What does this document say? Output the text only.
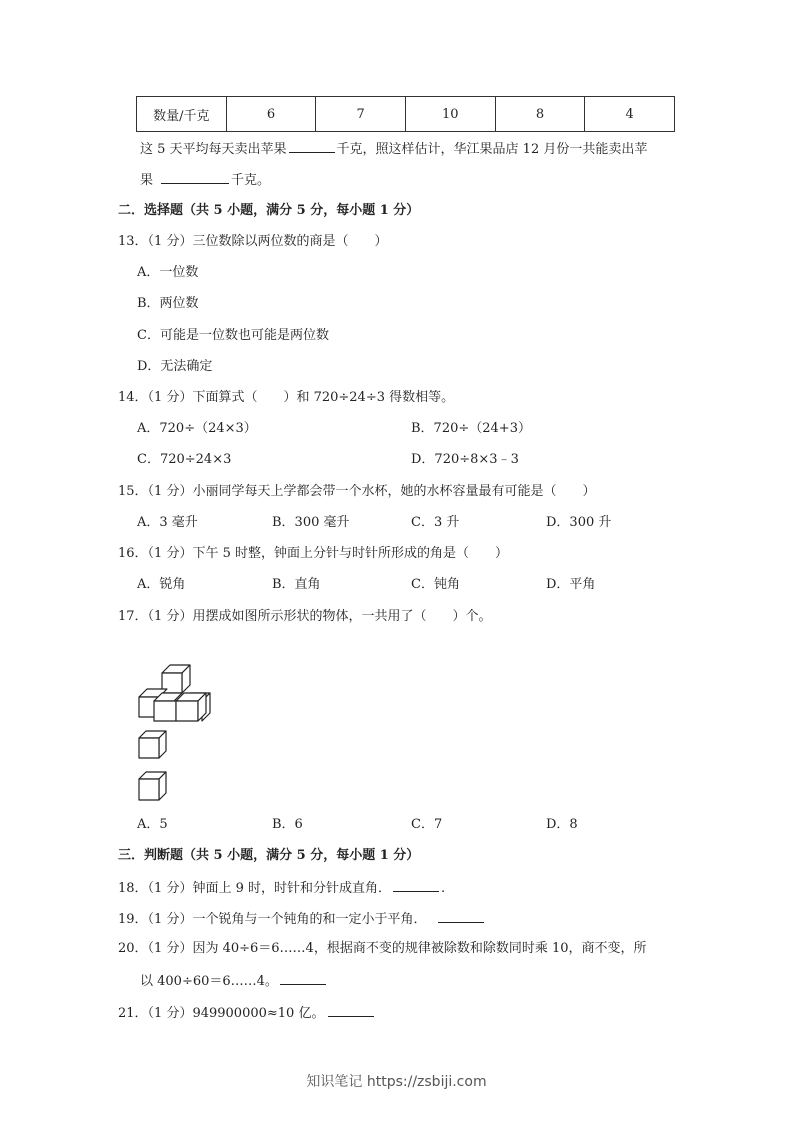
数量/千克	6	7	10	8	4
这 5 天平均每天卖出苹果	千克，照这样估计，华江果品店 12 月份一共能卖出苹
果	千克。
二．选择题（共 5 小题，满分 5 分，每小题 1 分）
13．（1 分）三位数除以两位数的商是（　　）
A．一位数
B．两位数
C．可能是一位数也可能是两位数
D．无法确定
14．（1 分）下面算式（　　）和 720÷24÷3 得数相等。
A．720÷（24×3）	B．720÷（24+3）
C．720÷24×3	D．720÷8×3﹣3
15．（1 分）小丽同学每天上学都会带一个水杯，她的水杯容量最有可能是（　　）
A．3 毫升	B．300 毫升	C．3 升	D．300 升
16．（1 分）下午 5 时整，钟面上分针与时针所形成的角是（　　）
A．锐角	B．直角	C．钝角	D．平角
17．（1 分）用摆成如图所示形状的物体，一共用了（　　）个。
A．5	B．6	C．7	D．8
三．判断题（共 5 小题，满分 5 分，每小题 1 分）
18．（1 分）钟面上 9 时，时针和分针成直角．	.
19．（1 分）一个锐角与一个钝角的和一定小于平角．
20．（1 分）因为 40÷6＝6……4，根据商不变的规律被除数和除数同时乘 10，商不变，所
以 400÷60＝6……4。
21．（1 分）949900000≈10 亿。
知识笔记 https://zsbiji.com
